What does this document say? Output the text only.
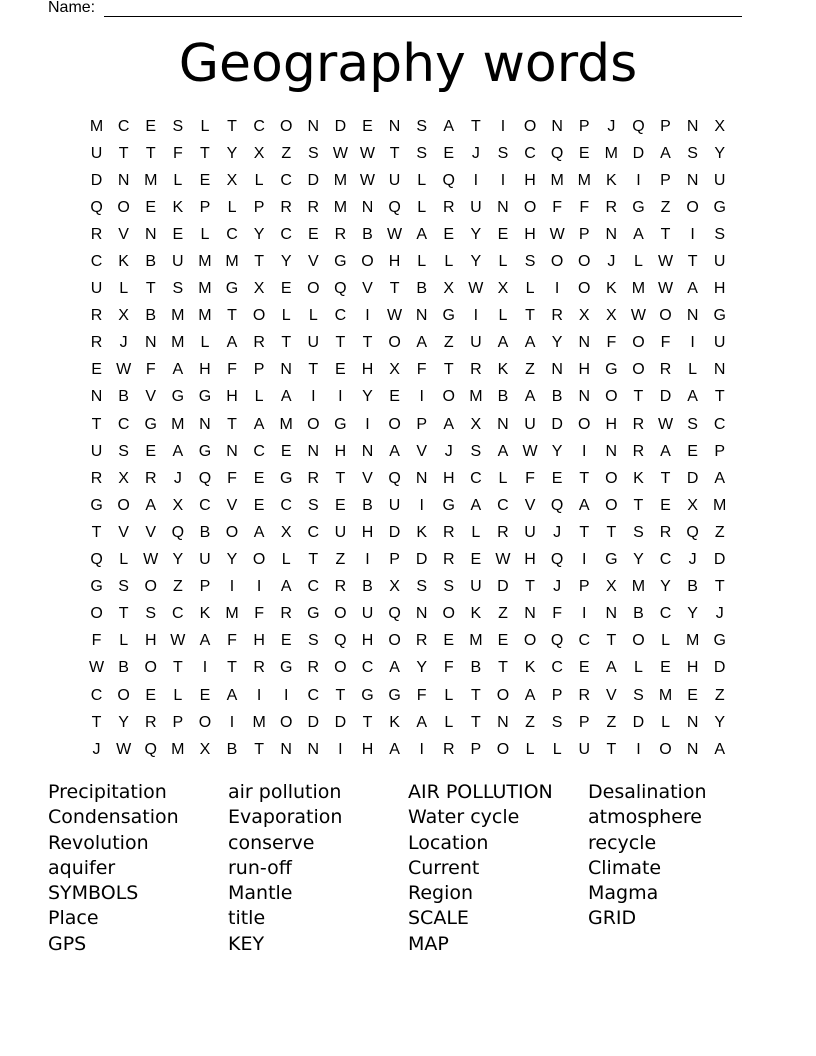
Name:
Geography words
M C E	S	L	T	C O N D E N S	A	T	I	O N P	J	Q P N X
U	T	T	F	T	Y	X	Z	S W W T	S	E	J	S C Q E M D A	S	Y
D N M L	E	X	L	C D M W U	L	Q	I	I	H M M K	I	P N U
Q O E	K	P	L	P R R M N Q	L	R U N O F	F	R G Z O G
R V N E	L	C Y C E R B W A	E	Y	E H W P N A	T	I	S
C K	B U M M T	Y	V G O H	L	L	Y	L	S O O	J	L W T	U
U	L	T	S M G X	E O Q V	T	B	X W X	L	I	O K M W A H
R X	B M M T O	L	L	C	I	W N G	I	L	T	R X	X W O N G
R	J	N M L	A R	T	U	T	T O A	Z	U A	A	Y N	F O F	I	U
E W F	A H	F	P N	T	E H X	F	T	R K	Z	N H G O R	L	N
N B	V G G H	L	A	I	I	Y	E	I	O M B	A	B N O T	D A	T
T	C G M N	T	A M O G	I	O P	A	X N U D O H R W S C
U S	E	A G N C E N H N A	V	J	S	A W Y	I	N R A	E	P
R X R	J	Q F	E G R	T	V Q N H C	L	F	E	T O K	T	D A
G O A	X C V	E C S	E	B U	I	G A C V Q A O T	E	X M
T	V	V Q B O A	X C U H D K R	L	R U	J	T	T	S R Q Z
Q	L W Y U Y O	L	T	Z	I	P D R E W H Q	I	G Y C	J	D
G S O Z	P	I	I	A C R B	X	S	S U D	T	J	P	X M Y	B	T
O T	S C K M F	R G O U Q N O K	Z	N	F	I	N B C Y	J
F	L	H W A	F	H E	S Q H O R E M E O Q C	T O	L M G
W B O T	I	T	R G R O C A	Y	F	B	T	K C E	A	L	E H D
C O E	L	E	A	I	I	C	T G G F	L	T O A	P R V	S M E	Z
T	Y R P O	I	M O D D	T	K	A	L	T	N	Z	S	P	Z	D	L	N Y
J W Q M X	B	T	N N	I	H A	I	R P O	L	L	U	T	I	O N A
Precipitation	air pollution	AIR POLLUTION	Desalination
Condensation	Evaporation	Water cycle	atmosphere
Revolution	conserve	Location	recycle
aquifer	run-off	Current	Climate
SYMBOLS	Mantle	Region	Magma
Place	title	SCALE	GRID
GPS	KEY	MAP
